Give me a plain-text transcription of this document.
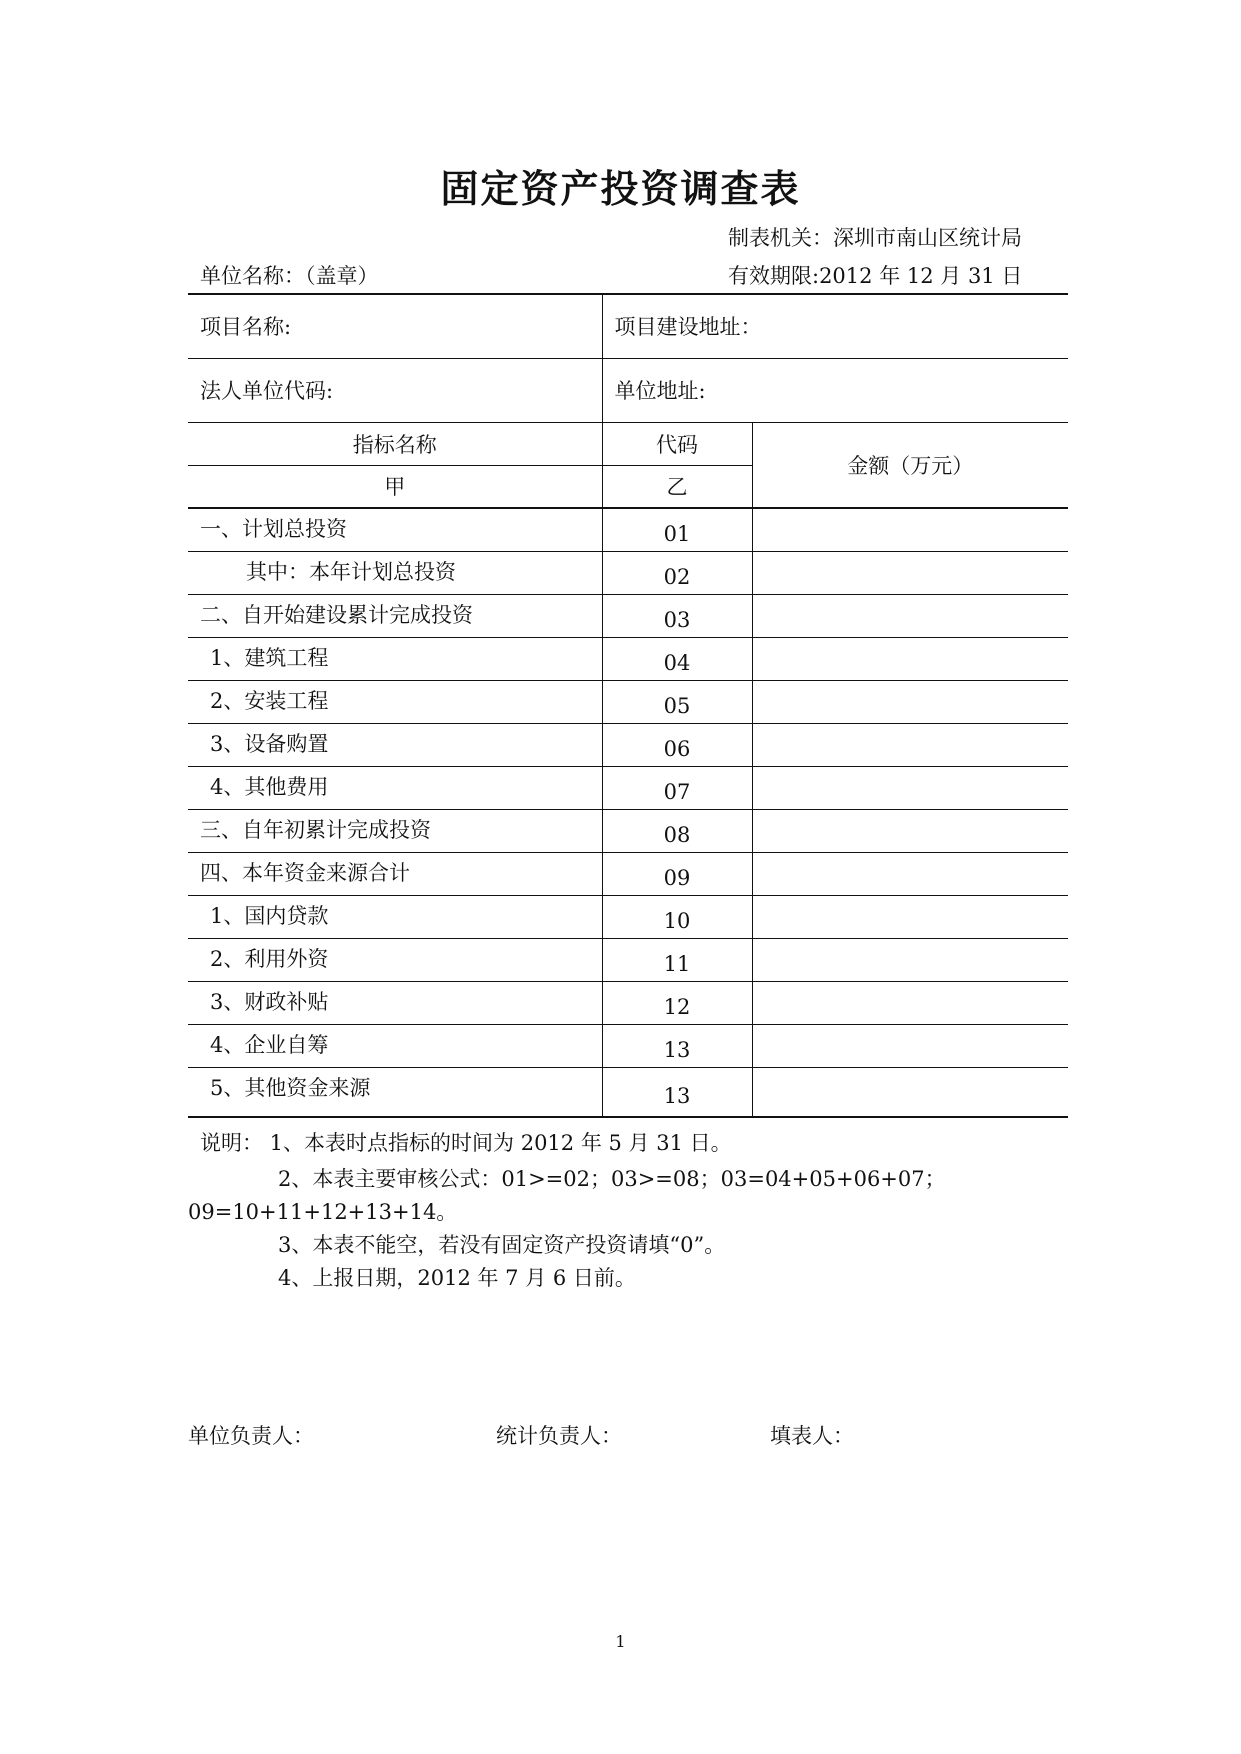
固定资产投资调查表
制表机关：深圳市南山区统计局
单位名称：（盖章）	有效期限:2012 年 12 月 31 日
项目名称:	项目建设地址：	
法人单位代码:	单位地址:	
指标名称	代码	金额（万元）
甲	乙	
一、计划总投资	01	
其中：本年计划总投资	02	
二、自开始建设累计完成投资	03	
1、建筑工程	04	
2、安装工程	05	
3、设备购置	06	
4、其他费用	07	
三、自年初累计完成投资	08	
四、本年资金来源合计	09	
1、国内贷款	10	
2、利用外资	11	
3、财政补贴	12	
4、企业自筹	13	
5、其他资金来源	13	
说明： 1、本表时点指标的时间为 2012 年 5 月 31 日。
2、本表主要审核公式：01>=02；03>=08；03=04+05+06+07；
09=10+11+12+13+14。
3、本表不能空，若没有固定资产投资请填“0”。
4、上报日期，2012 年 7 月 6 日前。
单位负责人：	统计负责人：	填表人：
1
